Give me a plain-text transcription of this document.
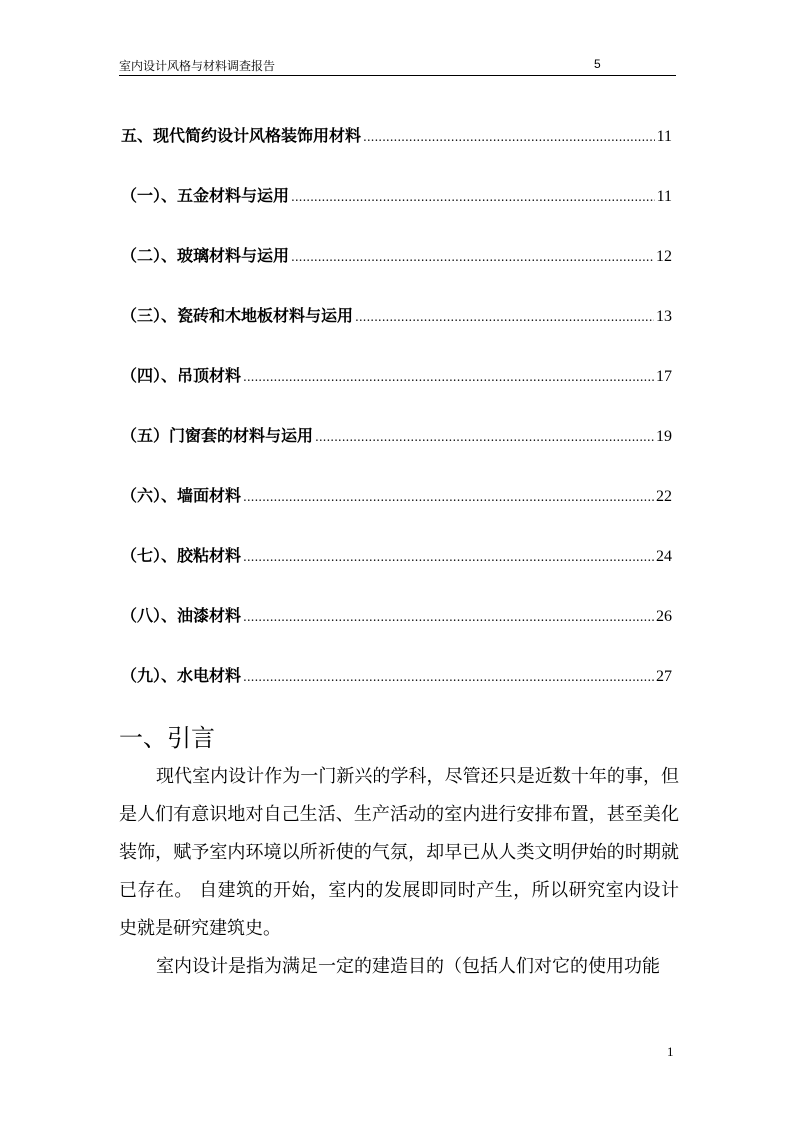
室内设计风格与材料调查报告	5
五、现代简约设计风格装饰用材料 .....	11
（一）、五金材料与运用 .....	11
（二）、玻璃材料与运用 .....	12
（三）、瓷砖和木地板材料与运用 .....	13
（四）、吊顶材料 .....	17
（五）门窗套的材料与运用 .....	19
（六）、墙面材料 .....	22
（七）、胶粘材料 .....	24
（八）、油漆材料 .....	26
（九）、水电材料 .....	27
一、引言

现代室内设计作为一门新兴的学科，尽管还只是近数十年的事，但是人们有意识地对自己生活、生产活动的室内进行安排布置，甚至美化装饰，赋予室内环境以所祈使的气氛，却早已从人类文明伊始的时期就已存在。 自建筑的开始，室内的发展即同时产生，所以研究室内设计史就是研究建筑史。

室内设计是指为满足一定的建造目的（包括人们对它的使用功能

1
